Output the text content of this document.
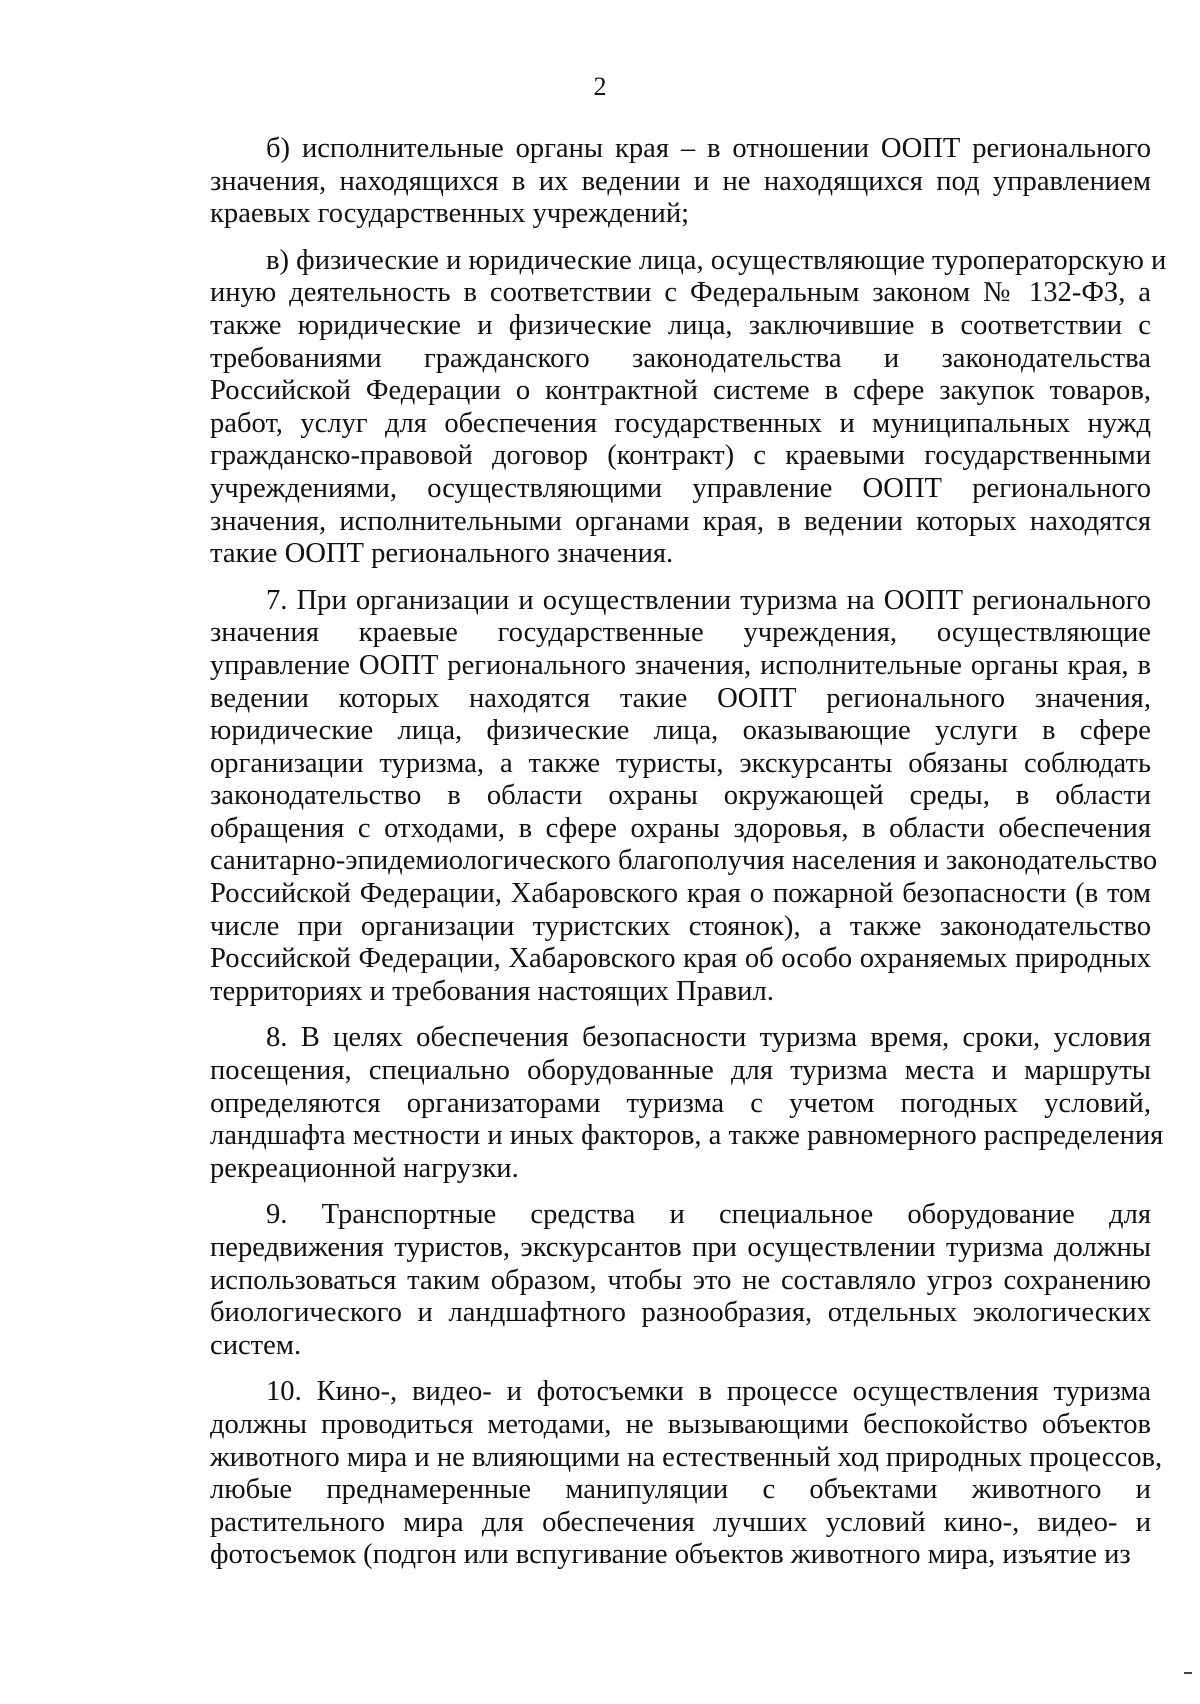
2
б) исполнительные органы края – в отношении ООПТ регионального
значения, находящихся в их ведении и не находящихся под управлением
краевых государственных учреждений;
в) физические и юридические лица, осуществляющие туроператорскую и
иную деятельность в соответствии с Федеральным законом № 132-ФЗ, а
также юридические и физические лица, заключившие в соответствии с
требованиями гражданского законодательства и законодательства
Российской Федерации о контрактной системе в сфере закупок товаров,
работ, услуг для обеспечения государственных и муниципальных нужд
гражданско-правовой договор (контракт) с краевыми государственными
учреждениями, осуществляющими управление ООПТ регионального
значения, исполнительными органами края, в ведении которых находятся
такие ООПТ регионального значения.
7. При организации и осуществлении туризма на ООПТ регионального
значения краевые государственные учреждения, осуществляющие
управление ООПТ регионального значения, исполнительные органы края, в
ведении которых находятся такие ООПТ регионального значения,
юридические лица, физические лица, оказывающие услуги в сфере
организации туризма, а также туристы, экскурсанты обязаны соблюдать
законодательство в области охраны окружающей среды, в области
обращения с отходами, в сфере охраны здоровья, в области обеспечения
санитарно-эпидемиологического благополучия населения и законодательство
Российской Федерации, Хабаровского края о пожарной безопасности (в том
числе при организации туристских стоянок), а также законодательство
Российской Федерации, Хабаровского края об особо охраняемых природных
территориях и требования настоящих Правил.
8. В целях обеспечения безопасности туризма время, сроки, условия
посещения, специально оборудованные для туризма места и маршруты
определяются организаторами туризма с учетом погодных условий,
ландшафта местности и иных факторов, а также равномерного распределения
рекреационной нагрузки.
9. Транспортные средства и специальное оборудование для
передвижения туристов, экскурсантов при осуществлении туризма должны
использоваться таким образом, чтобы это не составляло угроз сохранению
биологического и ландшафтного разнообразия, отдельных экологических
систем.
10. Кино-, видео- и фотосъемки в процессе осуществления туризма
должны проводиться методами, не вызывающими беспокойство объектов
животного мира и не влияющими на естественный ход природных процессов,
любые преднамеренные манипуляции с объектами животного и
растительного мира для обеспечения лучших условий кино-, видео- и
фотосъемок (подгон или вспугивание объектов животного мира, изъятие из
